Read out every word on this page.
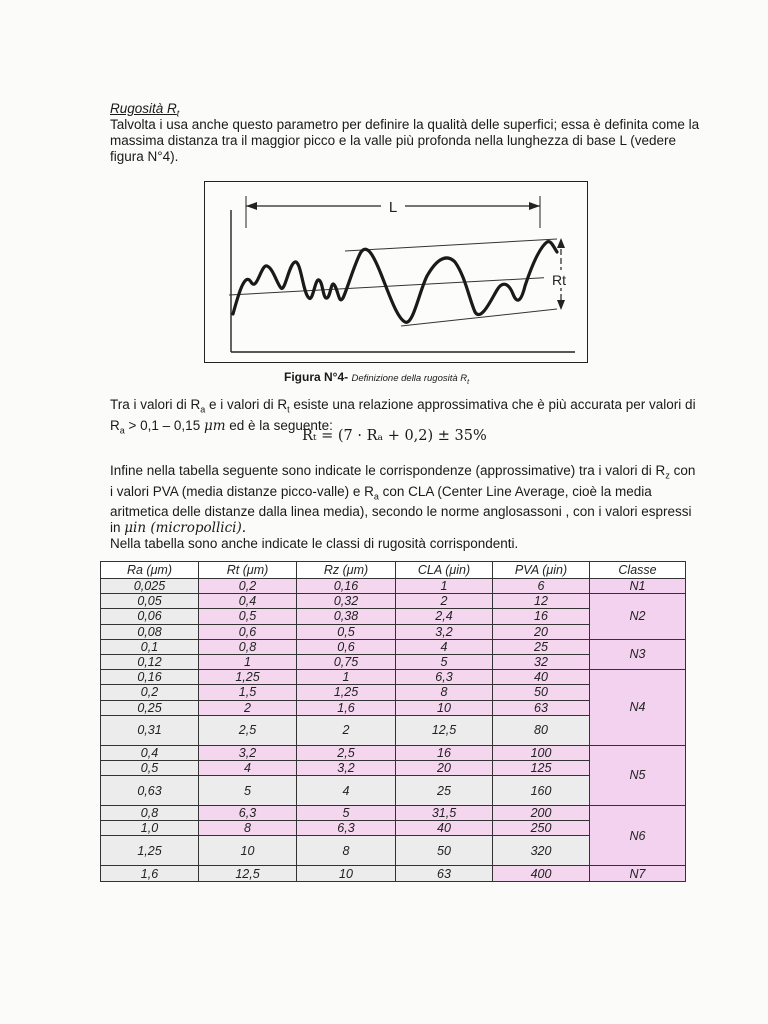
Rugosità $R_t$
Talvolta i usa anche questo parametro per definire la qualità delle superfici; essa è definita come la massima distanza tra il maggior picco e la valle più profonda nella lunghezza di base L (vedere figura N°4).
L
Rt
Figura N°4- Definizione della rugosità $R_t$
Tra i valori di $R_a$ e i valori di $R_t$ esiste una relazione approssimativa che è più accurata per valori di $R_a > 0,1 - 0,15$ μm ed è la seguente:
Rₜ = (7 · Rₐ + 0,2) ± 35%
Infine nella tabella seguente sono indicate le corrispondenze (approssimative) tra i valori di $R_z$ con i valori PVA (media distanze picco-valle) e $R_a$ con CLA (Center Line Average, cioè la media aritmetica delle distanze dalla linea media), secondo le norme anglosassoni , con i valori espressi in μin (micropollici).
Nella tabella sono anche indicate le classi di rugosità corrispondenti.
Ra (μm)	Rt (μm)	Rz (μm)	CLA (μin)	PVA (μin)	Classe
0,025	0,2	0,16	1	6	N1
0,05	0,4	0,32	2	12	N2
0,06	0,5	0,38	2,4	16	
0,08	0,6	0,5	3,2	20	
0,1	0,8	0,6	4	25	N3
0,12	1	0,75	5	32	
0,16	1,25	1	6,3	40	N4
0,2	1,5	1,25	8	50	
0,25	2	1,6	10	63	
0,31	2,5	2	12,5	80	
0,4	3,2	2,5	16	100	N5
0,5	4	3,2	20	125	
0,63	5	4	25	160	
0,8	6,3	5	31,5	200	N6
1,0	8	6,3	40	250	
1,25	10	8	50	320	
1,6	12,5	10	63	400	N7
